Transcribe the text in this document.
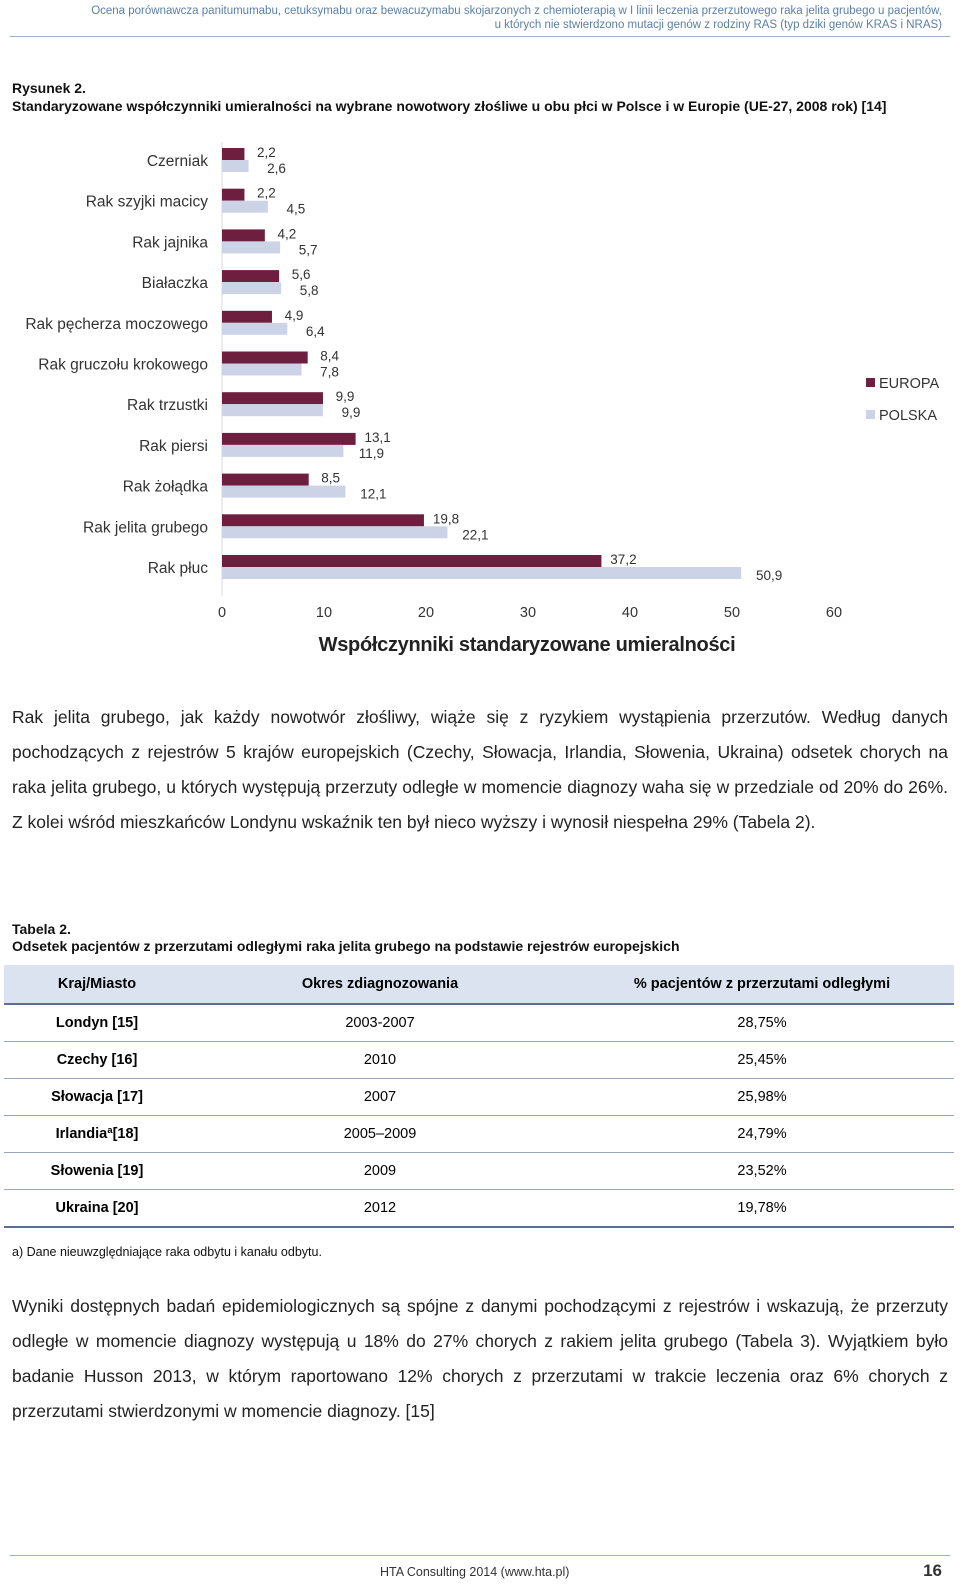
Ocena porównawcza panitumumabu, cetuksymabu oraz bewacuzymabu skojarzonych z chemioterapią w I linii leczenia przerzutowego raka jelita grubego u pacjentów,
u których nie stwierdzono mutacji genów z rodziny RAS (typ dziki genów KRAS i NRAS)
Rysunek 2.
Standaryzowane współczynniki umieralności na wybrane nowotwory złośliwe u obu płci w Polsce i w Europie (UE-27, 2008 rok) [14]
Czerniak
2,2
2,6
Rak szyjki macicy
2,2
4,5
Rak jajnika
4,2
5,7
Białaczka
5,6
5,8
Rak pęcherza moczowego
4,9
6,4
Rak gruczołu krokowego
8,4
7,8
Rak trzustki
9,9
9,9
Rak piersi
13,1
11,9
Rak żołądka
8,5
12,1
Rak jelita grubego
19,8
22,1
Rak płuc
37,2
50,9
0	10	20	30	40	50	60
Współczynniki standaryzowane umieralności
EUROPA
POLSKA
Rak jelita grubego, jak każdy nowotwór złośliwy, wiąże się z ryzykiem wystąpienia przerzutów. Według danych pochodzących z rejestrów 5 krajów europejskich (Czechy, Słowacja, Irlandia, Słowenia, Ukraina) odsetek chorych na raka jelita grubego, u których występują przerzuty odległe w momencie diagnozy waha się w przedziale od 20% do 26%. Z kolei wśród mieszkańców Londynu wskaźnik ten był nieco wyższy i wynosił niespełna 29% (Tabela 2).
Tabela 2.
Odsetek pacjentów z przerzutami odległymi raka jelita grubego na podstawie rejestrów europejskich
Kraj/Miasto	Okres zdiagnozowania	% pacjentów z przerzutami odległymi
Londyn [15]	2003-2007	28,75%
Czechy [16]	2010	25,45%
Słowacja [17]	2007	25,98%
Irlandiaª[18]	2005–2009	24,79%
Słowenia [19]	2009	23,52%
Ukraina [20]	2012	19,78%
a) Dane nieuwzględniające raka odbytu i kanału odbytu.
Wyniki dostępnych badań epidemiologicznych są spójne z danymi pochodzącymi z rejestrów i wskazują, że przerzuty odległe w momencie diagnozy występują u 18% do 27% chorych z rakiem jelita grubego (Tabela 3). Wyjątkiem było badanie Husson 2013, w którym raportowano 12% chorych z przerzutami w trakcie leczenia oraz 6% chorych z przerzutami stwierdzonymi w momencie diagnozy. [15]
HTA Consulting 2014 (www.hta.pl)	16
